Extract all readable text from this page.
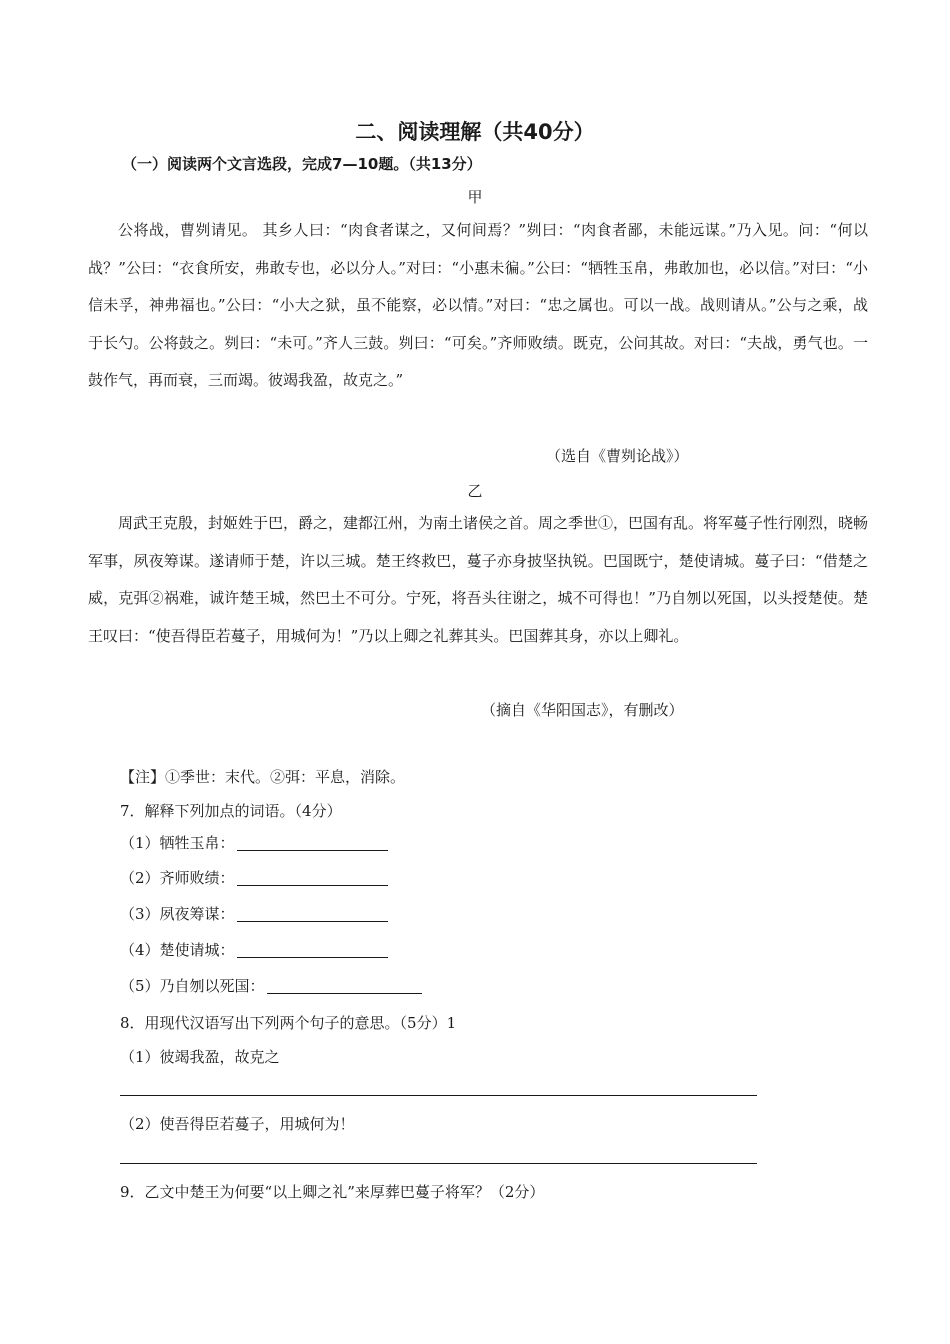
二、阅读理解（共40分）
（一）阅读两个文言选段，完成7—10题。（共13分）
甲

公将战，曹刿请见。 其乡人曰：“肉食者谋之，又何间焉？”刿曰：“肉食者鄙，未能远谋。”乃入见。问：“何以战？”公曰：“衣食所安，弗敢专也，必以分人。”对曰：“小惠未徧。”公曰：“牺牲玉帛，弗敢加也，必以信。”对曰：“小信未孚，神弗福也。”公曰：“小大之狱，虽不能察，必以情。”对曰：“忠之属也。可以一战。战则请从。”公与之乘，战于长勺。公将鼓之。刿曰：“未可。”齐人三鼓。刿曰：“可矣。”齐师败绩。既克，公问其故。对曰：“夫战，勇气也。一鼓作气，再而衰，三而竭。彼竭我盈，故克之。”

（选自《曹刿论战》）
乙

周武王克殷，封姬姓于巴，爵之，建都江州，为南土诸侯之首。周之季世①，巴国有乱。将军蔓子性行刚烈，晓畅军事，夙夜筹谋。遂请师于楚，许以三城。楚王终救巴，蔓子亦身披坚执锐。巴国既宁，楚使请城。蔓子曰：“借楚之威，克弭②祸难，诚许楚王城，然巴土不可分。宁死，将吾头往谢之，城不可得也！”乃自刎以死国，以头授楚使。楚王叹曰：“使吾得臣若蔓子，用城何为！”乃以上卿之礼葬其头。巴国葬其身，亦以上卿礼。

（摘自《华阳国志》，有删改）
【注】①季世：末代。②弭：平息，消除。
7．解释下列加点的词语。（4分）
（1）牺牲玉帛：
（2）齐师败绩：
（3）夙夜筹谋：
（4）楚使请城：
（5）乃自刎以死国：
8．用现代汉语写出下列两个句子的意思。（5分）1
（1）彼竭我盈，故克之
（2）使吾得臣若蔓子，用城何为！
9．乙文中楚王为何要“以上卿之礼”来厚葬巴蔓子将军？（2分）
